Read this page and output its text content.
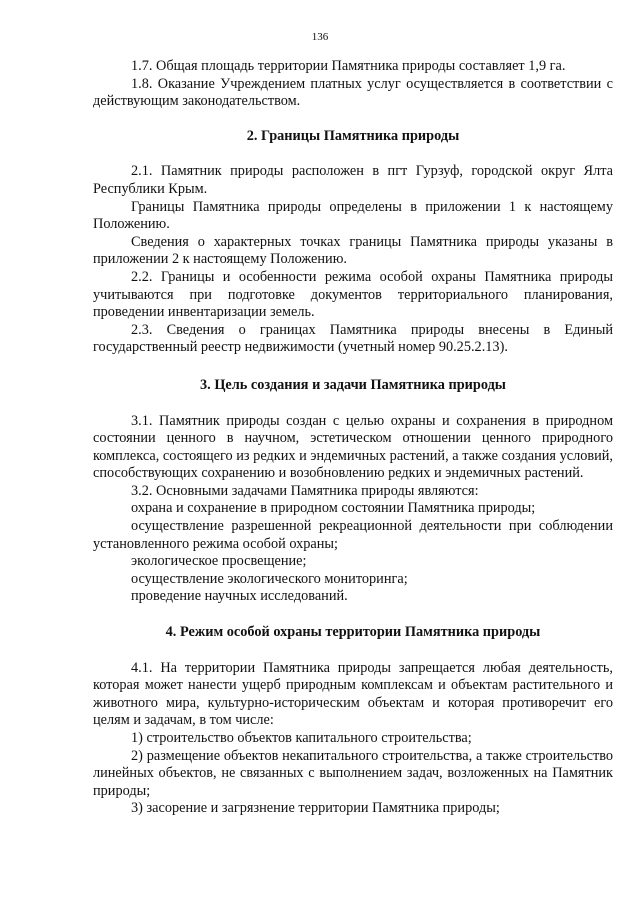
136

1.7. Общая площадь территории Памятника природы составляет 1,9 га.

1.8. Оказание Учреждением платных услуг осуществляется в соответствии с действующим законодательством.

2. Границы Памятника природы

2.1. Памятник природы расположен в пгт Гурзуф, городской округ Ялта Республики Крым.

Границы Памятника природы определены в приложении 1 к настоящему Положению.

Сведения о характерных точках границы Памятника природы указаны в приложении 2 к настоящему Положению.

2.2. Границы и особенности режима особой охраны Памятника природы учитываются при подготовке документов территориального планирования, проведении инвентаризации земель.

2.3. Сведения о границах Памятника природы внесены в Единый государственный реестр недвижимости (учетный номер 90.25.2.13).

3. Цель создания и задачи Памятника природы

3.1. Памятник природы создан с целью охраны и сохранения в природном состоянии ценного в научном, эстетическом отношении ценного природного комплекса, состоящего из редких и эндемичных растений, а также создания условий, способствующих сохранению и возобновлению редких и эндемичных растений.

3.2. Основными задачами Памятника природы являются:

охрана и сохранение в природном состоянии Памятника природы;

осуществление разрешенной рекреационной деятельности при соблюдении установленного режима особой охраны;

экологическое просвещение;

осуществление экологического мониторинга;

проведение научных исследований.

4. Режим особой охраны территории Памятника природы

4.1. На территории Памятника природы запрещается любая деятельность, которая может нанести ущерб природным комплексам и объектам растительного и животного мира, культурно-историческим объектам и которая противоречит его целям и задачам, в том числе:

1) строительство объектов капитального строительства;

2) размещение объектов некапитального строительства, а также строительство линейных объектов, не связанных с выполнением задач, возложенных на Памятник природы;

3) засорение и загрязнение территории Памятника природы;
